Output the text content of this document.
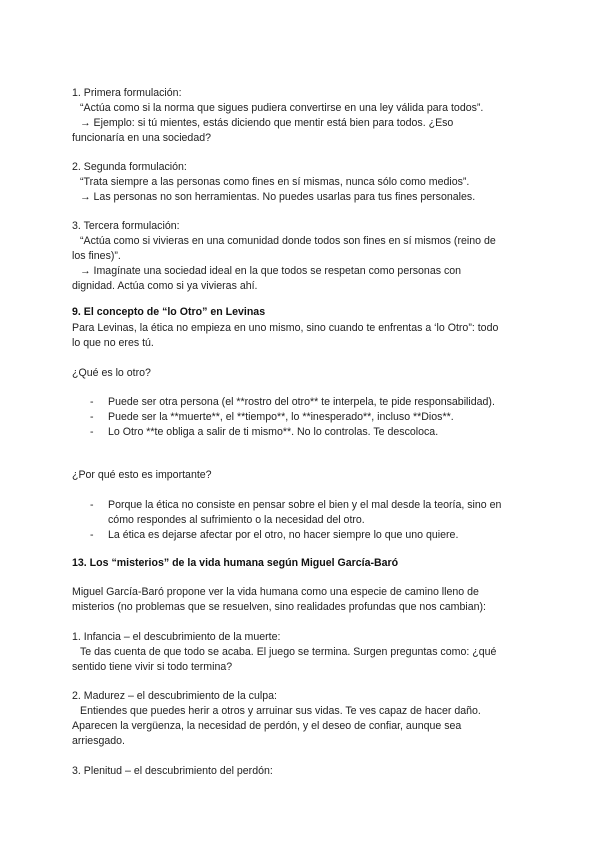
1. Primera formulación:
“Actúa como si la norma que sigues pudiera convertirse en una ley válida para todos”.
→ Ejemplo: si tú mientes, estás diciendo que mentir está bien para todos. ¿Eso
funcionaría en una sociedad?
2. Segunda formulación:
“Trata siempre a las personas como fines en sí mismas, nunca sólo como medios”.
→ Las personas no son herramientas. No puedes usarlas para tus fines personales.
3. Tercera formulación:
“Actúa como si vivieras en una comunidad donde todos son fines en sí mismos (reino de
los fines)”.
→ Imagínate una sociedad ideal en la que todos se respetan como personas con
dignidad. Actúa como si ya vivieras ahí.
9. El concepto de “lo Otro” en Levinas
Para Levinas, la ética no empieza en uno mismo, sino cuando te enfrentas a ‘lo Otro”: todo
lo que no eres tú.
¿Qué es lo otro?
- Puede ser otra persona (el **rostro del otro** te interpela, te pide responsabilidad).
- Puede ser la **muerte**, el **tiempo**, lo **inesperado**, incluso **Dios**.
- Lo Otro **te obliga a salir de ti mismo**. No lo controlas. Te descoloca.
¿Por qué esto es importante?
- Porque la ética no consiste en pensar sobre el bien y el mal desde la teoría, sino en
cómo respondes al sufrimiento o la necesidad del otro.
- La ética es dejarse afectar por el otro, no hacer siempre lo que uno quiere.
13. Los “misterios” de la vida humana según Miguel García-Baró
Miguel García-Baró propone ver la vida humana como una especie de camino lleno de
misterios (no problemas que se resuelven, sino realidades profundas que nos cambian):
1. Infancia – el descubrimiento de la muerte:
Te das cuenta de que todo se acaba. El juego se termina. Surgen preguntas como: ¿qué
sentido tiene vivir si todo termina?
2. Madurez – el descubrimiento de la culpa:
Entiendes que puedes herir a otros y arruinar sus vidas. Te ves capaz de hacer daño.
Aparecen la vergüenza, la necesidad de perdón, y el deseo de confiar, aunque sea
arriesgado.
3. Plenitud – el descubrimiento del perdón:
